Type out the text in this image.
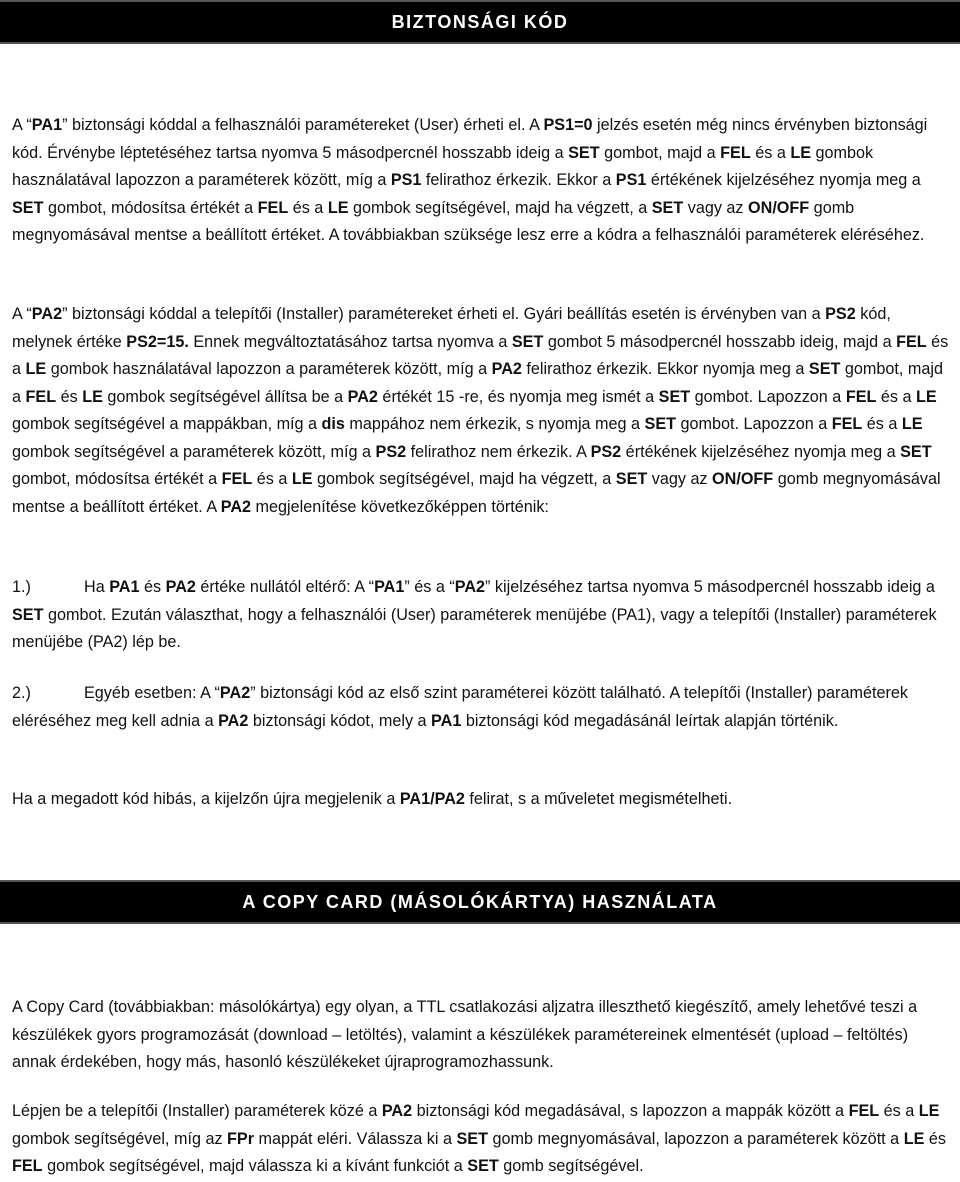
BIZTONSÁGI KÓD

A “PA1” biztonsági kóddal a felhasználói paramétereket (User) érheti el. A PS1=0 jelzés esetén még nincs érvényben biztonsági kód. Érvénybe léptetéséhez tartsa nyomva 5 másodpercnél hosszabb ideig a SET gombot, majd a FEL és a LE gombok használatával lapozzon a paraméterek között, míg a PS1 felirathoz érkezik. Ekkor a PS1 értékének kijelzéséhez nyomja meg a SET gombot, módosítsa értékét a FEL és a LE gombok segítségével, majd ha végzett, a SET vagy az ON/OFF gomb megnyomásával mentse a beállított értéket. A továbbiakban szüksége lesz erre a kódra a felhasználói paraméterek eléréséhez.

A “PA2” biztonsági kóddal a telepítői (Installer) paramétereket érheti el. Gyári beállítás esetén is érvényben van a PS2 kód, melynek értéke PS2=15. Ennek megváltoztatásához tartsa nyomva a SET gombot 5 másodpercnél hosszabb ideig, majd a FEL és a LE gombok használatával lapozzon a paraméterek között, míg a PA2 felirathoz érkezik. Ekkor nyomja meg a SET gombot, majd a FEL és LE gombok segítségével állítsa be a PA2 értékét 15 -re, és nyomja meg ismét a SET gombot. Lapozzon a FEL és a LE gombok segítségével a mappákban, míg a dis mappához nem érkezik, s nyomja meg a SET gombot. Lapozzon a FEL és a LE gombok segítségével a paraméterek között, míg a PS2 felirathoz nem érkezik. A PS2 értékének kijelzéséhez nyomja meg a SET gombot, módosítsa értékét a FEL és a LE gombok segítségével, majd ha végzett, a SET vagy az ON/OFF gomb megnyomásával mentse a beállított értéket. A PA2 megjelenítése következőképpen történik:

1.)	Ha PA1 és PA2 értéke nullától eltérő: A “PA1” és a “PA2” kijelzéséhez tartsa nyomva 5 másodpercnél hosszabb ideig a SET gombot. Ezután választhat, hogy a felhasználói (User) paraméterek menüjébe (PA1), vagy a telepítői (Installer) paraméterek menüjébe (PA2) lép be.

2.)	Egyéb esetben: A “PA2” biztonsági kód az első szint paraméterei között található. A telepítői (Installer) paraméterek eléréséhez meg kell adnia a PA2 biztonsági kódot, mely a PA1 biztonsági kód megadásánál leírtak alapján történik.

Ha a megadott kód hibás, a kijelzőn újra megjelenik a PA1/PA2 felirat, s a műveletet megismételheti.

A COPY CARD (MÁSOLÓKÁRTYA) HASZNÁLATA

A Copy Card (továbbiakban: másolókártya) egy olyan, a TTL csatlakozási aljzatra illeszthető kiegészítő, amely lehetővé teszi a készülékek gyors programozását (download – letöltés), valamint a készülékek paramétereinek elmentését (upload – feltöltés) annak érdekében, hogy más, hasonló készülékeket újraprogramozhassunk.

Lépjen be a telepítői (Installer) paraméterek közé a PA2 biztonsági kód megadásával, s lapozzon a mappák között a FEL és a LE gombok segítségével, míg az FPr mappát eléri. Válassza ki a SET gomb megnyomásával, lapozzon a paraméterek között a LE és FEL gombok segítségével, majd válassza ki a kívánt funkciót a SET gomb segítségével.
